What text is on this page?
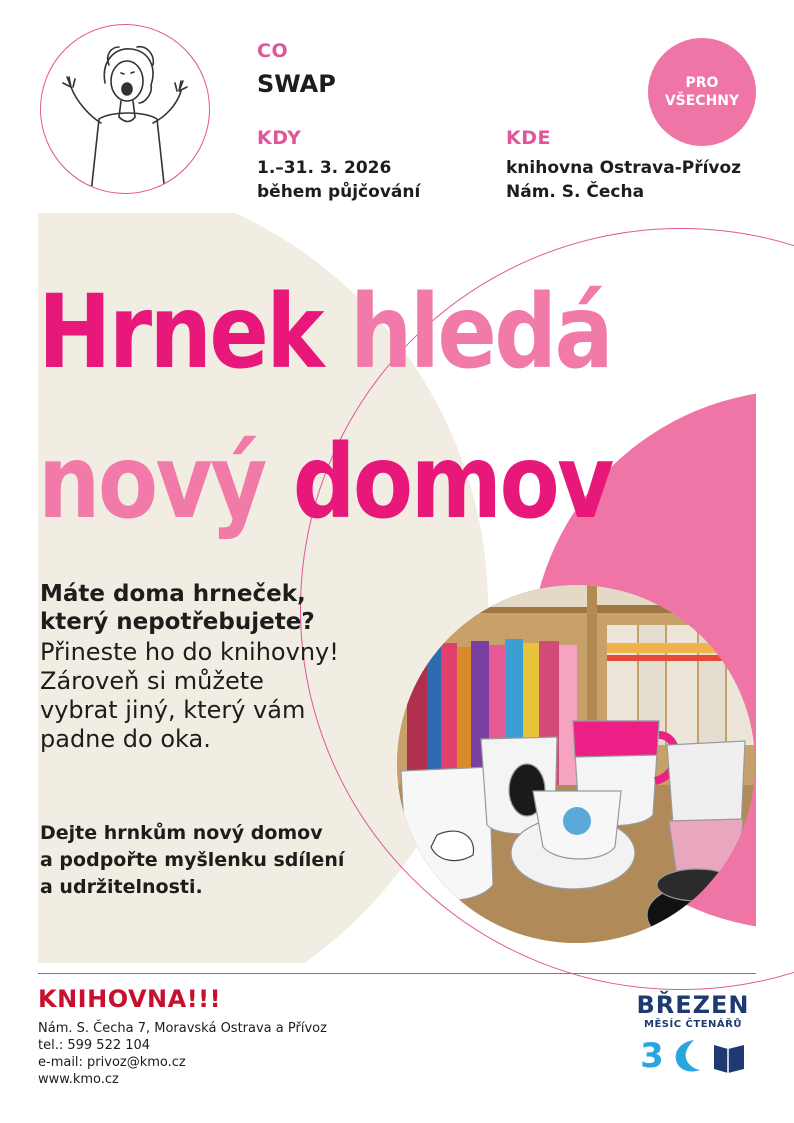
CO
SWAP
KDY
1.–31. 3. 2026
během půjčování
KDE
knihovna Ostrava-Přívoz
Nám. S. Čecha
PRO
VŠECHNY
Hrnek hledá
nový domov
Máte doma hrneček,
který nepotřebujete?
Přineste ho do knihovny!
Zároveň si můžete
vybrat jiný, který vám
padne do oka.
Dejte hrnkům nový domov
a podpořte myšlenku sdílení
a udržitelnosti.
KNIHOVNA!!!
Nám. S. Čecha 7, Moravská Ostrava a Přívoz
tel.: 599 522 104
e-mail: privoz@kmo.cz
www.kmo.cz
BŘEZEN
MĚSÍC ČTENÁŘŮ
3
